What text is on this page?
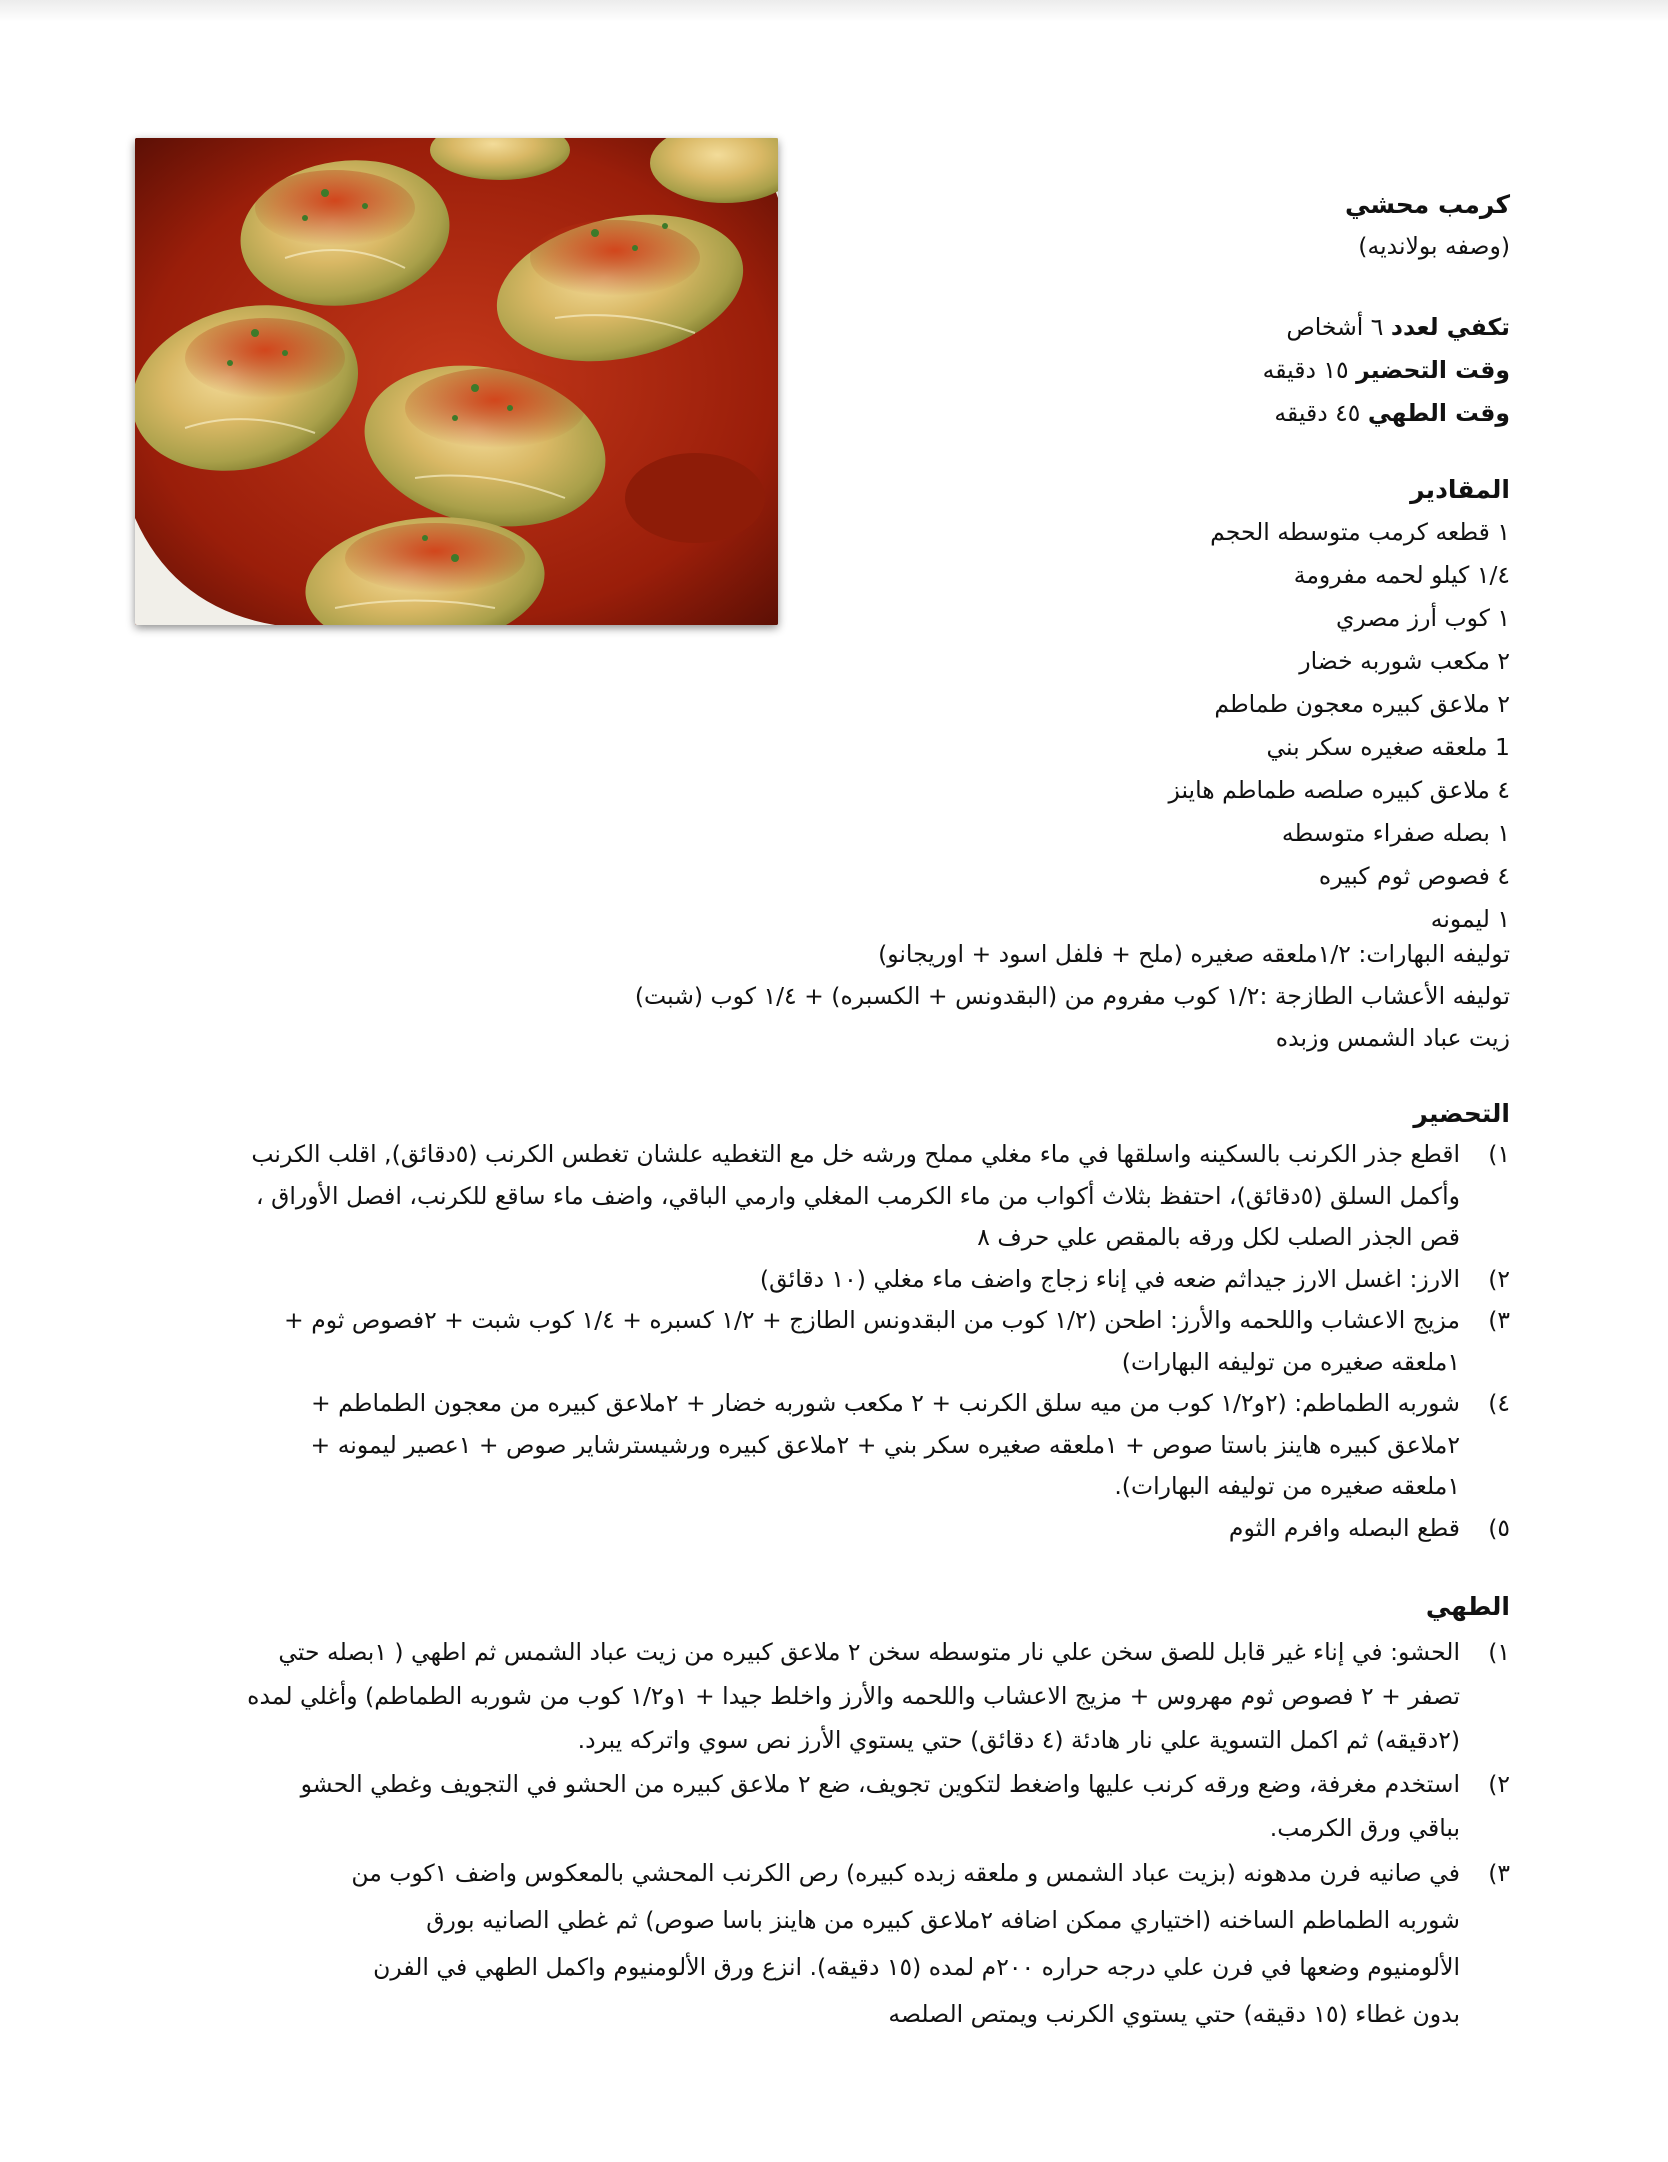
كرمب محشي
(وصفه بولانديه)
تكفي لعدد ٦ أشخاص
وقت التحضير ١٥ دقيقه
وقت الطهي ٤٥ دقيقه
المقادير
١ قطعه كرمب متوسطه الحجم
١/٤ كيلو لحمه مفرومة
١ كوب أرز مصري
٢ مكعب شوربه خضار
٢ ملاعق كبيره معجون طماطم
1 ملعقه صغيره سكر بني
٤ ملاعق كبيره صلصه طماطم هاينز
١ بصله صفراء متوسطه
٤ فصوص ثوم كبيره
١ ليمونه
توليفه البهارات: ١/٢ملعقه صغيره (ملح + فلفل اسود + اوريجانو)
توليفه الأعشاب الطازجة :١/٢ كوب مفروم من (البقدونس + الكسبره) + ١/٤ كوب (شبت)
زيت عباد الشمس وزبده
التحضير
١)
اقطع جذر الكرنب بالسكينه واسلقها في ماء مغلي مملح ورشه خل مع التغطيه علشان تغطس الكرنب (٥دقائق), اقلب الكرنب
وأكمل السلق (٥دقائق)، احتفظ بثلاث أكواب من ماء الكرمب المغلي وارمي الباقي، واضف ماء ساقع للكرنب، افصل الأوراق ،
قص الجذر الصلب لكل ورقه بالمقص علي حرف ٨
٢)
الارز: اغسل الارز جيداثم ضعه في إناء زجاج واضف ماء مغلي (١٠ دقائق)
٣)
مزيج الاعشاب واللحمه والأرز: اطحن (١/٢ كوب من البقدونس الطازج + ١/٢ كسبره + ١/٤ كوب شبت + ٢فصوص ثوم +
١ملعقه صغيره من توليفه البهارات)
٤)
شوربه الطماطم: (٢و١/٢ كوب من ميه سلق الكرنب + ٢ مكعب شوربه خضار + ٢ملاعق كبيره من معجون الطماطم +
٢ملاعق كبيره هاينز باستا صوص + ١ملعقه صغيره سكر بني + ٢ملاعق كبيره ورشيسترشاير صوص + ١عصير ليمونه +
١ملعقه صغيره من توليفه البهارات).
٥)
قطع البصله وافرم الثوم
الطهي
١)
الحشو: في إناء غير قابل للصق سخن علي نار متوسطه سخن ٢ ملاعق كبيره من زيت عباد الشمس ثم اطهي ( ١بصله حتي
تصفر + ٢ فصوص ثوم مهروس + مزيج الاعشاب واللحمه والأرز واخلط جيدا + ١و١/٢ كوب من شوربه الطماطم) وأغلي لمده
(٢دقيقه) ثم اكمل التسوية علي نار هادئة (٤ دقائق) حتي يستوي الأرز نص سوي واتركه يبرد.
٢)
استخدم مغرفة، وضع ورقه كرنب عليها واضغط لتكوين تجويف، ضع ٢ ملاعق كبيره من الحشو في التجويف وغطي الحشو
بباقي ورق الكرمب.
٣)
في صانيه فرن مدهونه (بزيت عباد الشمس و ملعقه زبده كبيره) رص الكرنب المحشي بالمعكوس واضف ١كوب من
شوربه الطماطم الساخنه (اختياري ممكن اضافه ٢ملاعق كبيره من هاينز باسا صوص) ثم غطي الصانيه بورق
الألومنيوم وضعها في فرن علي درجه حراره ٢٠٠م لمده (١٥ دقيقه). انزع ورق الألومنيوم واكمل الطهي في الفرن
بدون غطاء (١٥ دقيقه) حتي يستوي الكرنب ويمتص الصلصه
